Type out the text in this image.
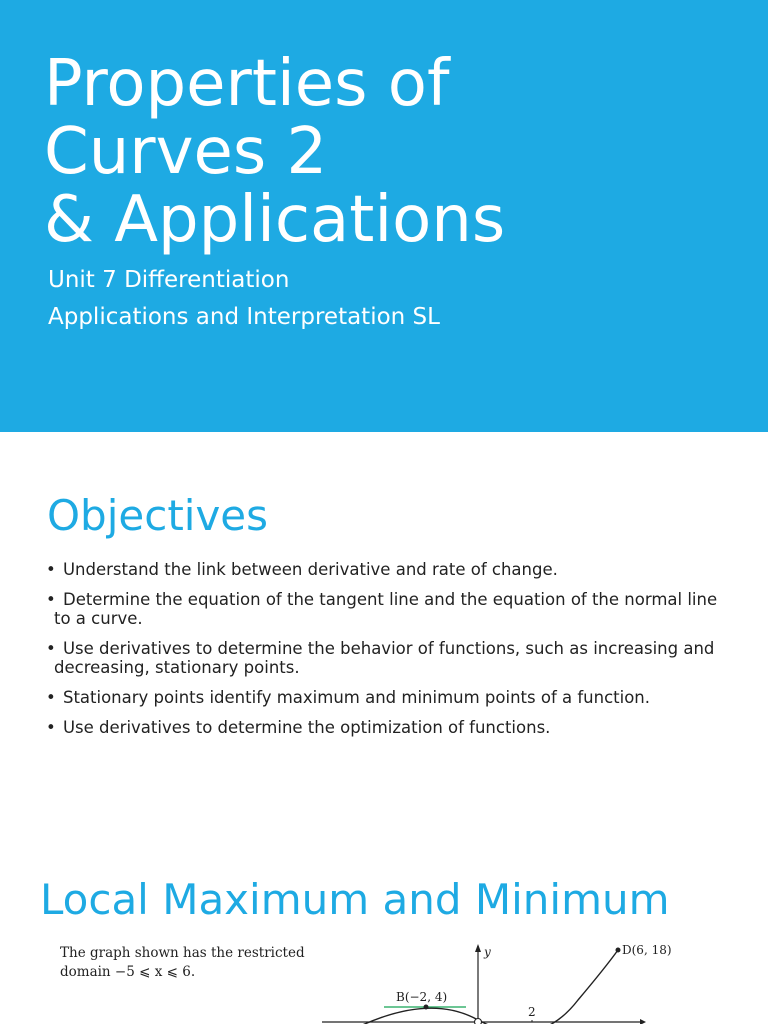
Properties of
Curves 2
& Applications

Unit 7 Differentiation
Applications and Interpretation SL

Objectives
• Understand the link between derivative and rate of change.
• Determine the equation of the tangent line and the equation of the normal line to a curve.
• Use derivatives to determine the behavior of functions, such as increasing and decreasing, stationary points.
• Stationary points identify maximum and minimum points of a function.
• Use derivatives to determine the optimization of functions.
Local Maximum and Minimum

The graph shown has the restricted
domain −5 ⩽ x ⩽ 6.

y
B(−2, 4)
D(6, 18)
2
